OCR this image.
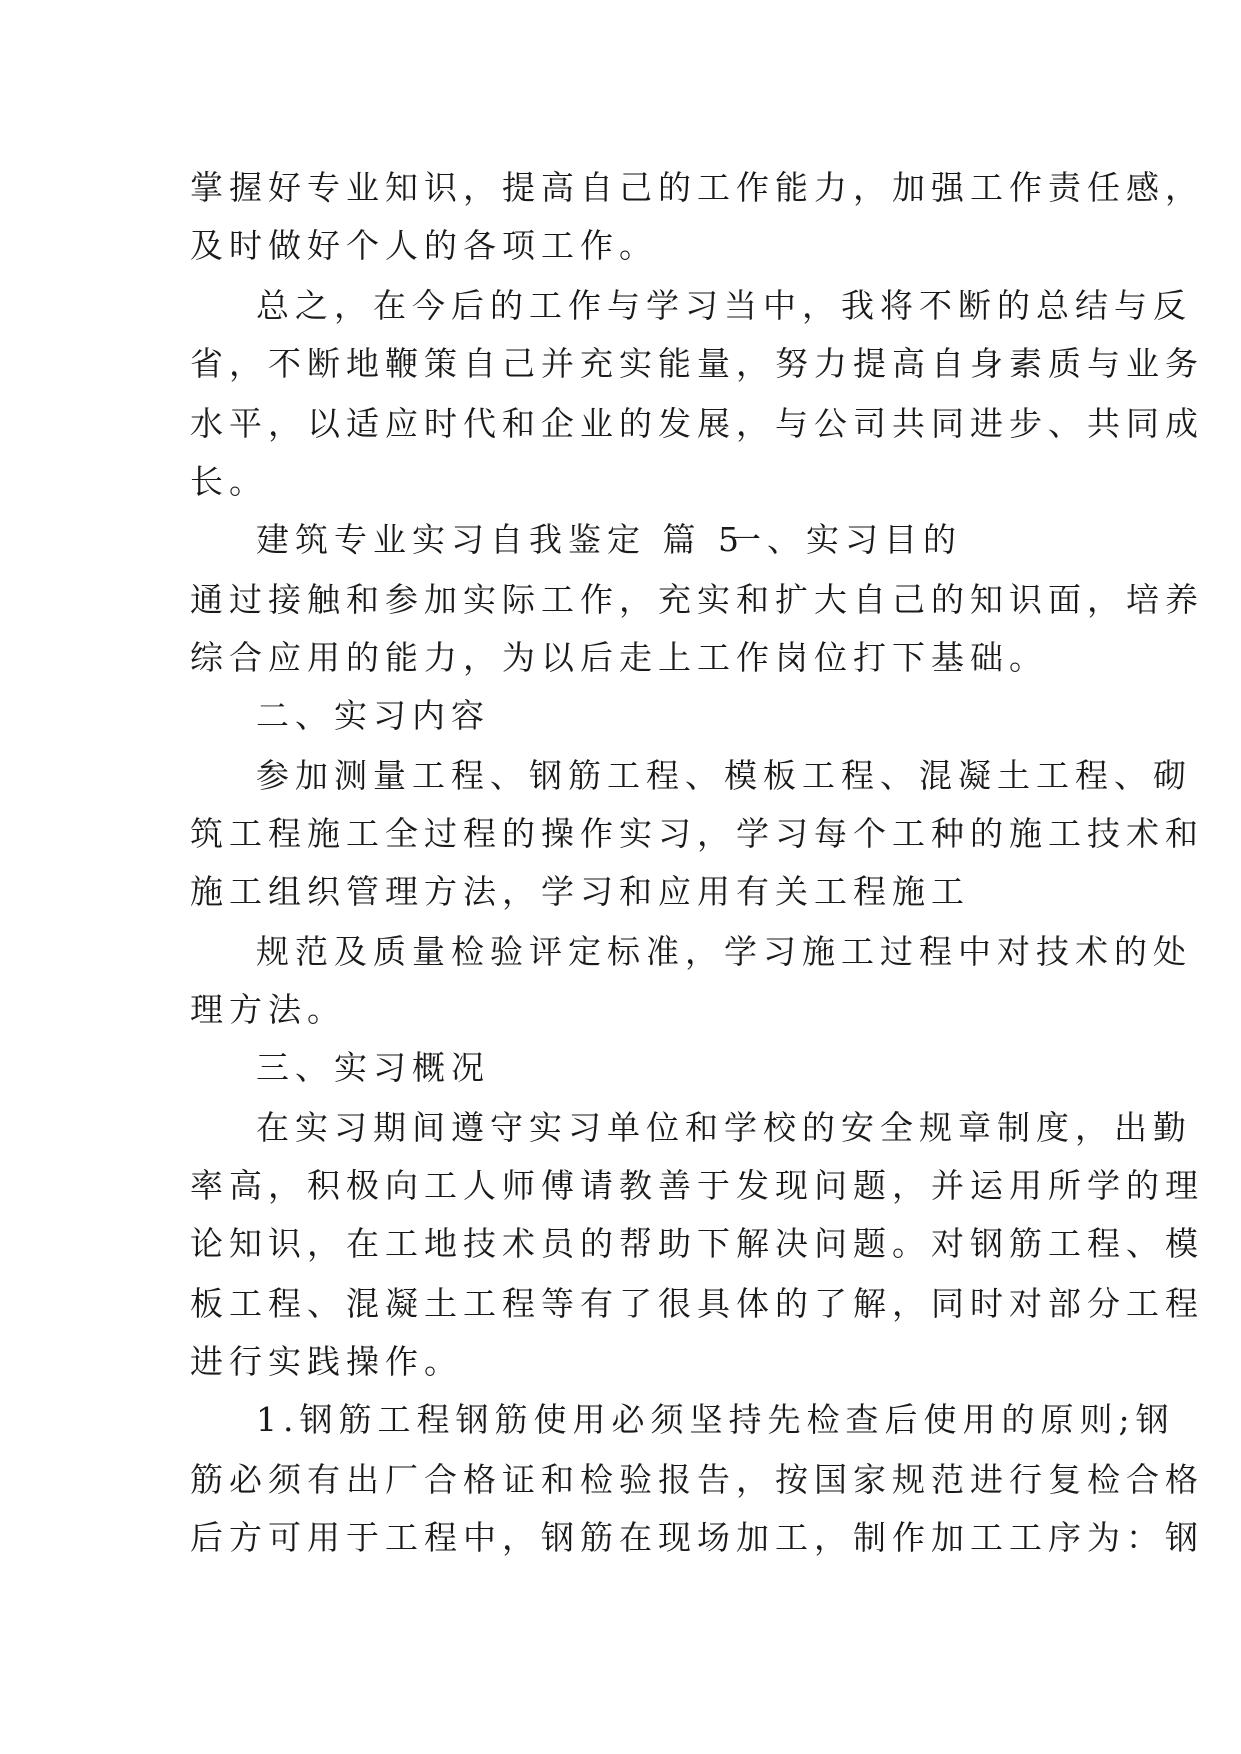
掌握好专业知识，提高自己的工作能力，加强工作责任感，
及时做好个人的各项工作。
总之，在今后的工作与学习当中，我将不断的总结与反
省，不断地鞭策自己并充实能量，努力提高自身素质与业务
水平，以适应时代和企业的发展，与公司共同进步、共同成
长。
建筑专业实习自我鉴定 篇 5
一、实习目的
通过接触和参加实际工作，充实和扩大自己的知识面，培养
综合应用的能力，为以后走上工作岗位打下基础。
二、实习内容
参加测量工程、钢筋工程、模板工程、混凝土工程、砌
筑工程施工全过程的操作实习，学习每个工种的施工技术和
施工组织管理方法，学习和应用有关工程施工
规范及质量检验评定标准，学习施工过程中对技术的处
理方法。
三、实习概况
在实习期间遵守实习单位和学校的安全规章制度，出勤
率高，积极向工人师傅请教善于发现问题，并运用所学的理
论知识，在工地技术员的帮助下解决问题。对钢筋工程、模
板工程、混凝土工程等有了很具体的了解，同时对部分工程
进行实践操作。
1.钢筋工程钢筋使用必须坚持先检查后使用的原则;钢
筋必须有出厂合格证和检验报告，按国家规范进行复检合格
后方可用于工程中，钢筋在现场加工，制作加工工序为：钢
